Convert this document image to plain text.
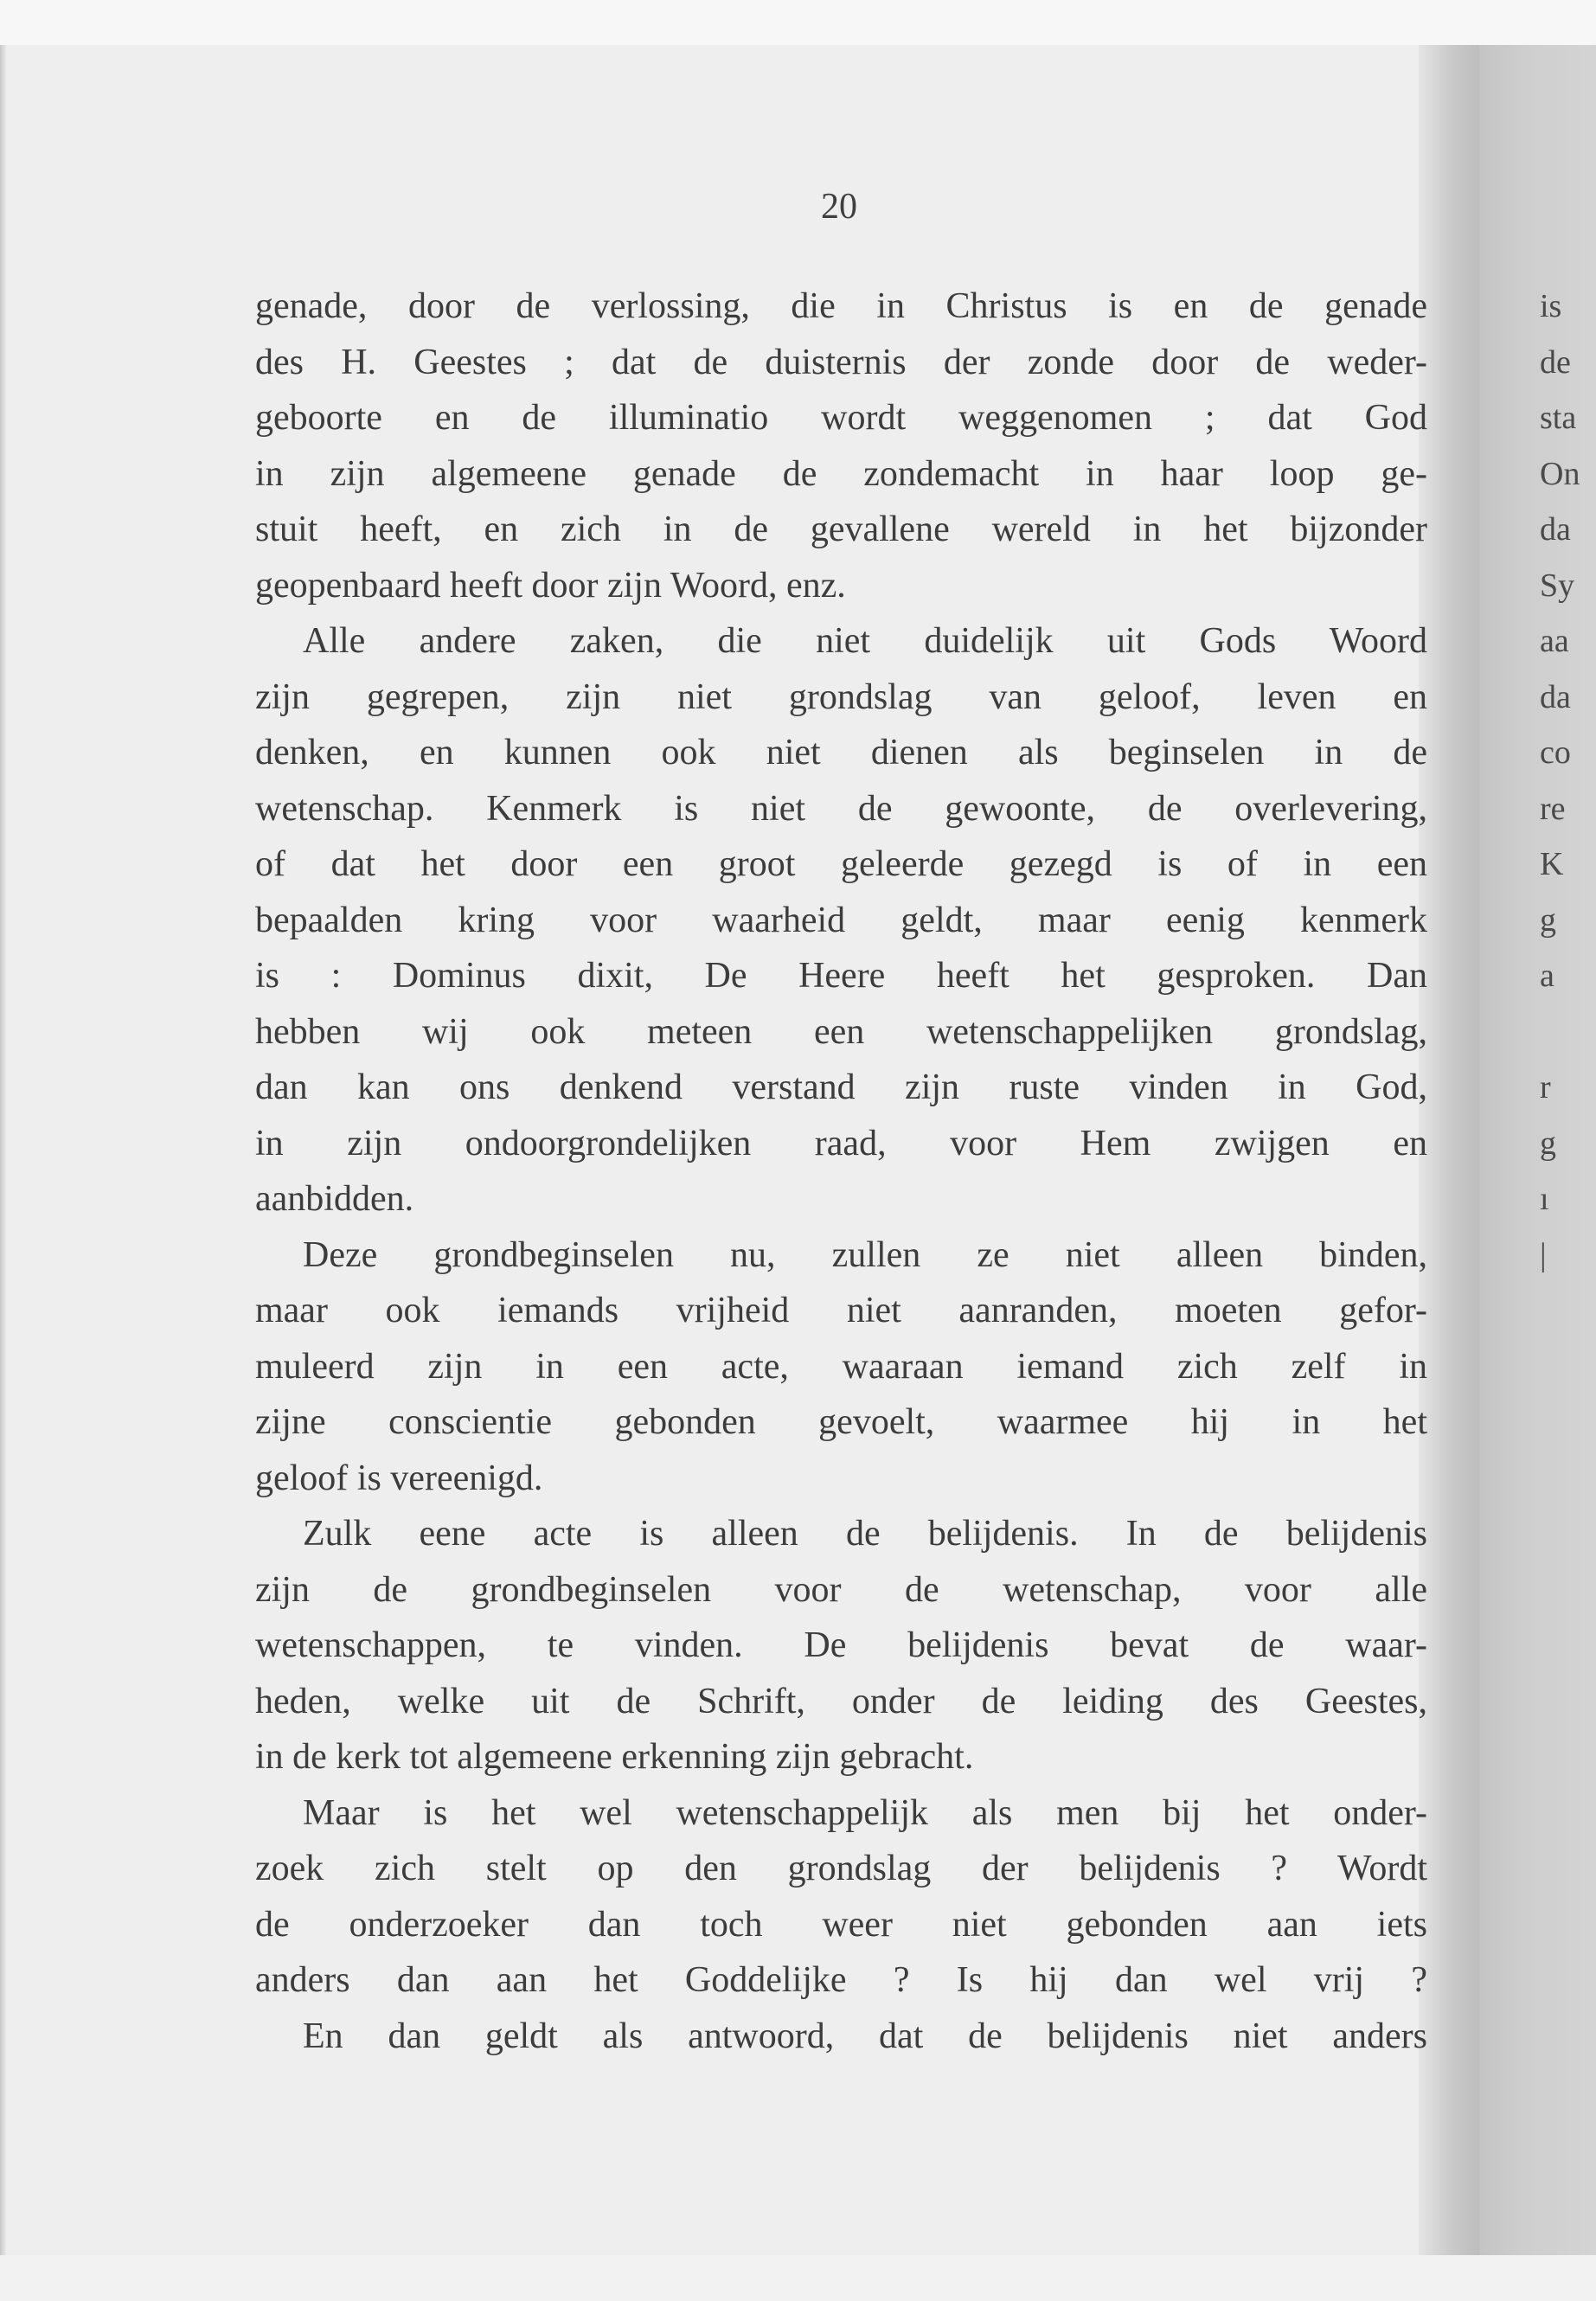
is
de
sta
On
da
Sy
aa
da
co
re
K
g
a
r
g
ı
|
20
genade, door de verlossing, die in Christus is en de genade
des H. Geestes ; dat de duisternis der zonde door de weder-
geboorte en de illuminatio wordt weggenomen ; dat God
in zijn algemeene genade de zondemacht in haar loop ge-
stuit heeft, en zich in de gevallene wereld in het bijzonder
geopenbaard heeft door zijn Woord, enz.
Alle andere zaken, die niet duidelijk uit Gods Woord
zijn gegrepen, zijn niet grondslag van geloof, leven en
denken, en kunnen ook niet dienen als beginselen in de
wetenschap. Kenmerk is niet de gewoonte, de overlevering,
of dat het door een groot geleerde gezegd is of in een
bepaalden kring voor waarheid geldt, maar eenig kenmerk
is : Dominus dixit, De Heere heeft het gesproken. Dan
hebben wij ook meteen een wetenschappelijken grondslag,
dan kan ons denkend verstand zijn ruste vinden in God,
in zijn ondoorgrondelijken raad, voor Hem zwijgen en
aanbidden.
Deze grondbeginselen nu, zullen ze niet alleen binden,
maar ook iemands vrijheid niet aanranden, moeten gefor-
muleerd zijn in een acte, waaraan iemand zich zelf in
zijne conscientie gebonden gevoelt, waarmee hij in het
geloof is vereenigd.
Zulk eene acte is alleen de belijdenis. In de belijdenis
zijn de grondbeginselen voor de wetenschap, voor alle
wetenschappen, te vinden. De belijdenis bevat de waar-
heden, welke uit de Schrift, onder de leiding des Geestes,
in de kerk tot algemeene erkenning zijn gebracht.
Maar is het wel wetenschappelijk als men bij het onder-
zoek zich stelt op den grondslag der belijdenis ? Wordt
de onderzoeker dan toch weer niet gebonden aan iets
anders dan aan het Goddelijke ? Is hij dan wel vrij ?
En dan geldt als antwoord, dat de belijdenis niet anders
